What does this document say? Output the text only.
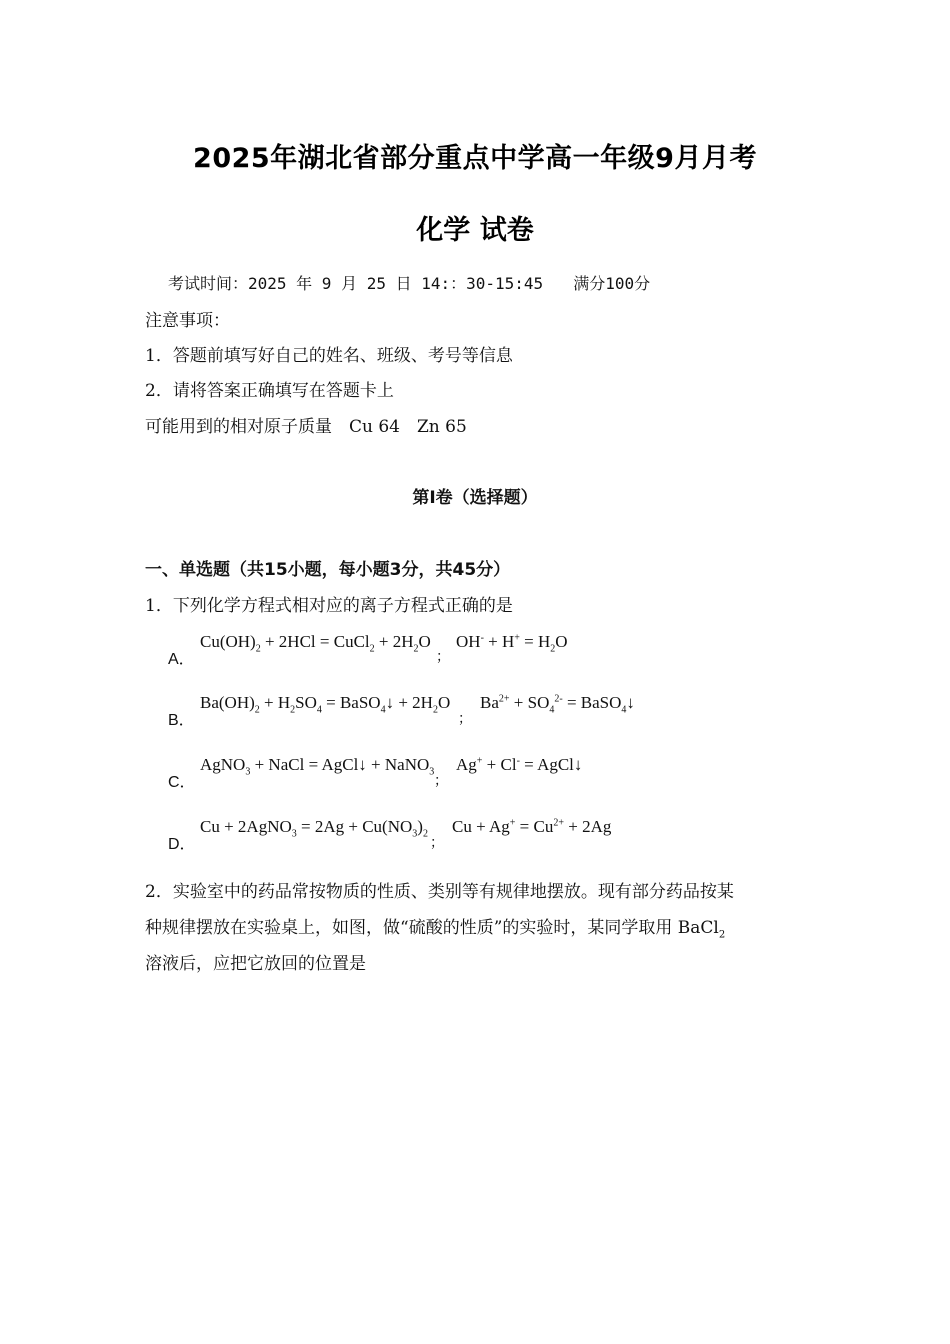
2025年湖北省部分重点中学高一年级9月月考
化学 试卷
考试时间：2025 年 9 月 25 日 14:：30-15:45 满分100分
注意事项：
1．答题前填写好自己的姓名、班级、考号等信息
2．请将答案正确填写在答题卡上
可能用到的相对原子质量　Cu 64　Zn 65
第Ⅰ卷（选择题）
一、单选题（共15小题，每小题3分，共45分）
1．下列化学方程式相对应的离子方程式正确的是
A．
$Cu(OH)_2 + 2HCl$ = CuCl$_2$ + $2H_2O$
；
$OH^- + H^+ = H_2O$
B．
$Ba(OH)_2 + H_2SO_4$ = BaSO$_4$↓ + $2H_2O$
；
$Ba^{2+} + SO_4^{2-}$ = BaSO$_4$↓
C．
AgNO$_3$ + NaCl = AgCl↓ + NaNO$_3$
；
Ag+ + Cl- = AgCl↓
D．
Cu + 2AgNO$_3$ = $2Ag + Cu(NO_3)_2$
；
$Cu + Ag^+ = Cu^{2+} + 2Ag$
2．实验室中的药品常按物质的性质、类别等有规律地摆放。现有部分药品按某
种规律摆放在实验桌上，如图，做“硫酸的性质”的实验时，某同学取用 BaCl$_2$
溶液后，应把它放回的位置是
